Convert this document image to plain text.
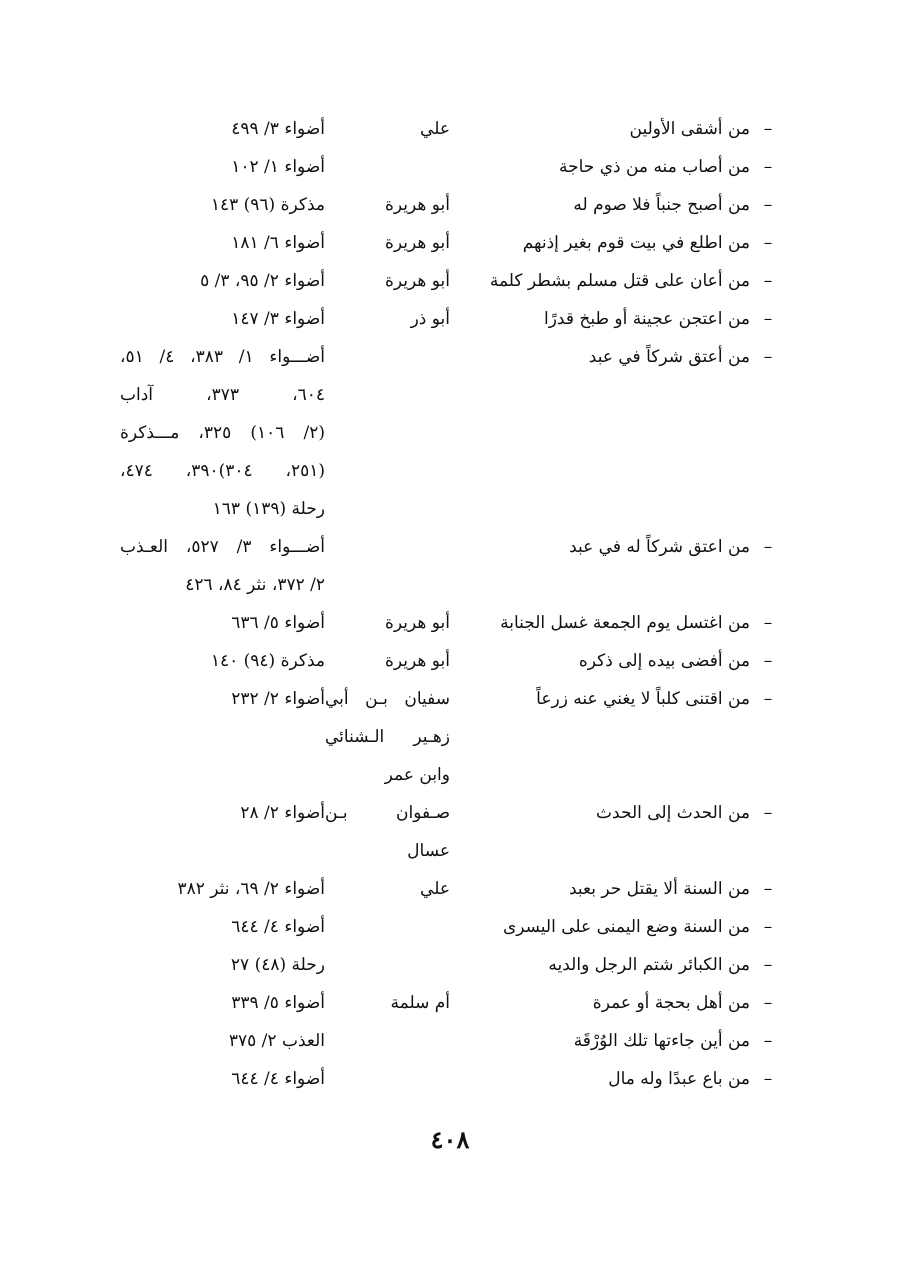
–
من أشقى الأولين
علي
أضواء ٣/ ٤٩٩
–
من أصاب منه من ذي حاجة
أضواء ١/ ١٠٢
–
من أصبح جنباً فلا صوم له
أبو هريرة
مذكرة (٩٦) ١٤٣
–
من اطلع في بيت قوم بغير إذنهم
أبو هريرة
أضواء ٦/ ١٨١
–
من أعان على قتل مسلم بشطر كلمة
أبو هريرة
أضواء ٢/ ٩٥، ٣/ ٥
–
من اعتجن عجينة أو طبخ قدرًا
أبو ذر
أضواء ٣/ ١٤٧
–
من أعتق شركاً في عبد
أضـــواء ١/ ٣٨٣، ٤/ ٥١،
٦٠٤، ٣٧٣، آداب
(٢/ ١٠٦) ٣٢٥، مـــذكرة
(٢٥١، ٣٠٤)٣٩٠، ٤٧٤،
رحلة (١٣٩) ١٦٣
–
من اعتق شركاً له في عبد
أضـــواء ٣/ ٥٢٧، العـذب
٢/ ٣٧٢، نثر ٨٤، ٤٢٦
–
من اغتسل يوم الجمعة غسل الجنابة
أبو هريرة
أضواء ٥/ ٦٣٦
–
من أفضى بيده إلى ذكره
أبو هريرة
مذكرة (٩٤) ١٤٠
–
من اقتنى كلباً لا يغني عنه زرعاً
سفيان بـن أبي
أضواء ٢/ ٢٣٢
زهـير الـشنائي
وابن عمر
–
من الحدث إلى الحدث
صـفوان بـن
أضواء ٢/ ٢٨
عسال
–
من السنة ألا يقتل حر بعبد
علي
أضواء ٢/ ٦٩، نثر ٣٨٢
–
من السنة وضع اليمنى على اليسرى
أضواء ٤/ ٦٤٤
–
من الكبائر شتم الرجل والديه
رحلة (٤٨) ٢٧
–
من أهل بحجة أو عمرة
أم سلمة
أضواء ٥/ ٣٣٩
–
من أين جاءتها تلك الوُرْقَة
العذب ٢/ ٣٧٥
–
من باع عبدًا وله مال
أضواء ٤/ ٦٤٤
٤٠٨
